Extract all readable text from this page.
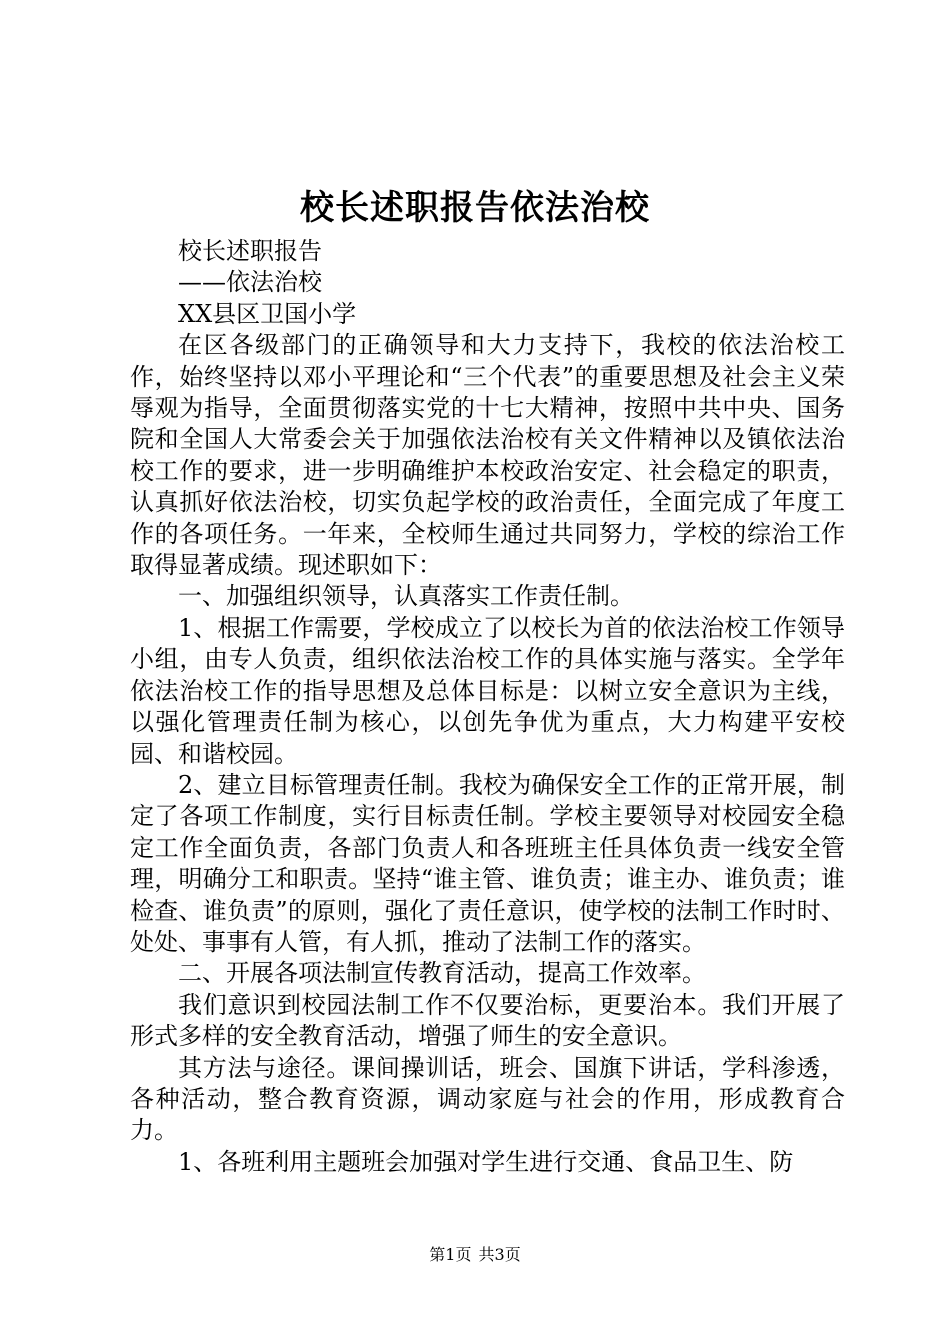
校长述职报告依法治校

校长述职报告

——依法治校

XX县区卫国小学

在区各级部门的正确领导和大力支持下，我校的依法治校工作，始终坚持以邓小平理论和“三个代表”的重要思想及社会主义荣辱观为指导，全面贯彻落实党的十七大精神，按照中共中央、国务院和全国人大常委会关于加强依法治校有关文件精神以及镇依法治校工作的要求，进一步明确维护本校政治安定、社会稳定的职责，认真抓好依法治校，切实负起学校的政治责任，全面完成了年度工作的各项任务。一年来，全校师生通过共同努力，学校的综治工作取得显著成绩。现述职如下：

一、加强组织领导，认真落实工作责任制。

1、根据工作需要，学校成立了以校长为首的依法治校工作领导小组，由专人负责，组织依法治校工作的具体实施与落实。全学年依法治校工作的指导思想及总体目标是：以树立安全意识为主线，以强化管理责任制为核心，以创先争优为重点，大力构建平安校园、和谐校园。

2、建立目标管理责任制。我校为确保安全工作的正常开展，制定了各项工作制度，实行目标责任制。学校主要领导对校园安全稳定工作全面负责，各部门负责人和各班班主任具体负责一线安全管理，明确分工和职责。坚持“谁主管、谁负责；谁主办、谁负责；谁检查、谁负责”的原则，强化了责任意识，使学校的法制工作时时、处处、事事有人管，有人抓，推动了法制工作的落实。

二、开展各项法制宣传教育活动，提高工作效率。

我们意识到校园法制工作不仅要治标，更要治本。我们开展了形式多样的安全教育活动，增强了师生的安全意识。

其方法与途径。课间操训话，班会、国旗下讲话，学科渗透，各种活动，整合教育资源，调动家庭与社会的作用，形成教育合力。

1、各班利用主题班会加强对学生进行交通、食品卫生、防

第1页 共3页
